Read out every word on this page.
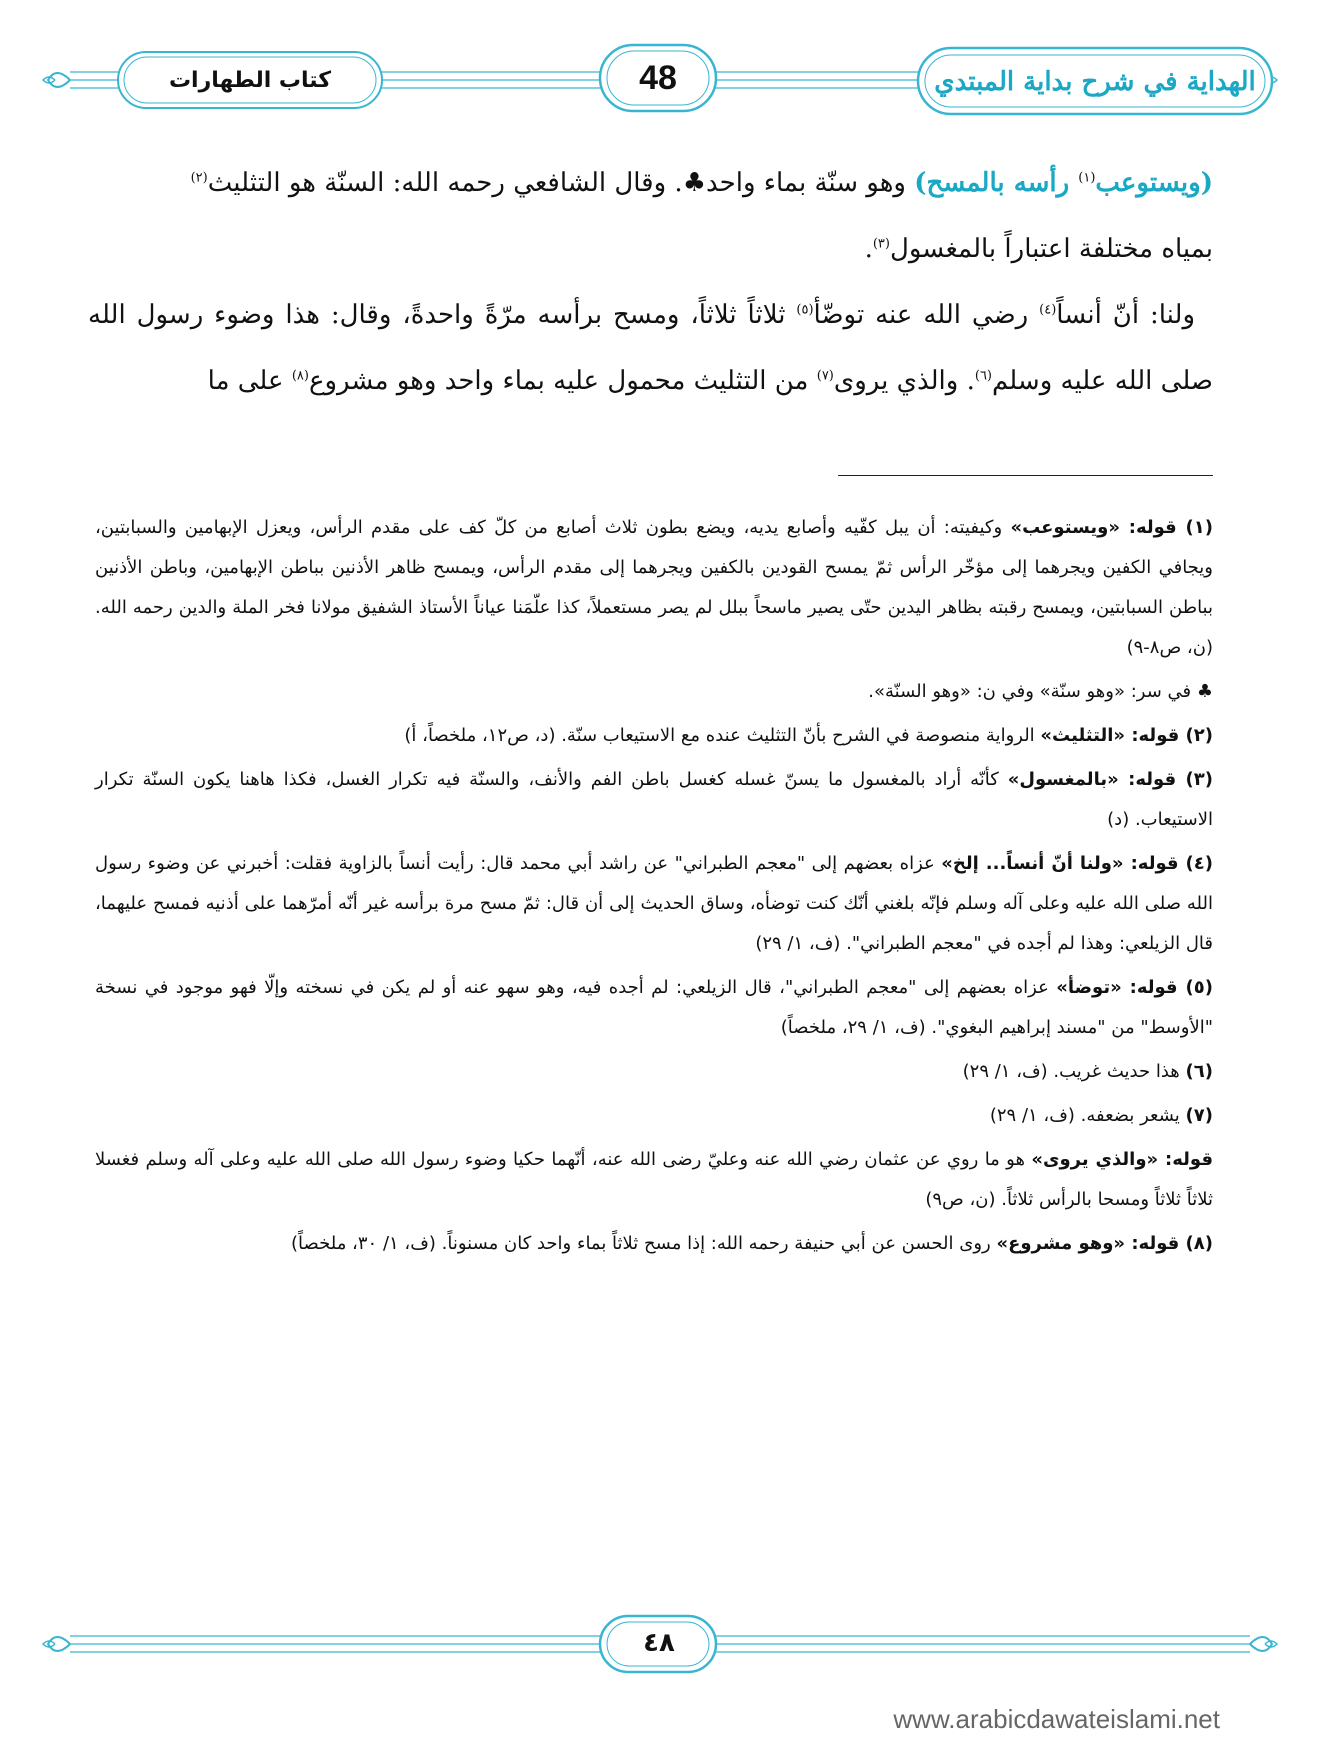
الهداية في شرح بداية المبتدي
48
كتاب الطهارات

(ويستوعب$^{(١)}$ رأسه بالمسح) وهو سنّة بماء واحد♣. وقال الشافعي رحمه الله: السنّة هو التثليث$^{(٢)}$

بمياه مختلفة اعتباراً بالمغسول$^{(٣)}$.

ولنا: أنّ أنساً$^{(٤)}$ رضي الله عنه توضّأ$^{(٥)}$ ثلاثاً ثلاثاً، ومسح برأسه مرّةً واحدةً، وقال: هذا وضوء رسول الله صلى الله عليه وسلم$^{(٦)}$. والذي يروى$^{(٧)}$ من التثليث محمول عليه بماء واحد وهو مشروع$^{(٨)}$ على ما

(١) قوله: «ويستوعب» وكيفيته: أن يبل كفّيه وأصابع يديه، ويضع بطون ثلاث أصابع من كلّ كف على مقدم الرأس، ويعزل الإبهامين والسبابتين، ويجافي الكفين ويجرهما إلى مؤخّر الرأس ثمّ يمسح القودين بالكفين ويجرهما إلى مقدم الرأس، ويمسح ظاهر الأذنين بباطن الإبهامين، وباطن الأذنين بباطن السبابتين، ويمسح رقبته بظاهر اليدين حتّى يصير ماسحاً ببلل لم يصر مستعملاً، كذا علّمَنا عياناً الأستاذ الشفيق مولانا فخر الملة والدين رحمه الله. (ن، ص٨-٩)

♣ في سر: «وهو سنّة» وفي ن: «وهو السنّة».

(٢) قوله: «التثليث» الرواية منصوصة في الشرح بأنّ التثليث عنده مع الاستيعاب سنّة. (د، ص١٢، ملخصاً، أ)

(٣) قوله: «بالمغسول» كأنّه أراد بالمغسول ما يسنّ غسله كغسل باطن الفم والأنف، والسنّة فيه تكرار الغسل، فكذا هاهنا يكون السنّة تكرار الاستيعاب. (د)

(٤) قوله: «ولنا أنّ أنساً... إلخ» عزاه بعضهم إلى "معجم الطبراني" عن راشد أبي محمد قال: رأيت أنساً بالزاوية فقلت: أخبرني عن وضوء رسول الله صلى الله عليه وعلى آله وسلم فإنّه بلغني أنّك كنت توضأه، وساق الحديث إلى أن قال: ثمّ مسح مرة برأسه غير أنّه أمرّهما على أذنيه فمسح عليهما، قال الزيلعي: وهذا لم أجده في "معجم الطبراني". (ف، ١/ ٢٩)

(٥) قوله: «توضأ» عزاه بعضهم إلى "معجم الطبراني"، قال الزيلعي: لم أجده فيه، وهو سهو عنه أو لم يكن في نسخته وإلّا فهو موجود في نسخة "الأوسط" من "مسند إبراهيم البغوي". (ف، ١/ ٢٩، ملخصاً)

(٦) هذا حديث غريب. (ف، ١/ ٢٩)

(٧) يشعر بضعفه. (ف، ١/ ٢٩)

قوله: «والذي يروى» هو ما روي عن عثمان رضي الله عنه وعليّ رضى الله عنه، أنّهما حكيا وضوء رسول الله صلى الله عليه وعلى آله وسلم فغسلا ثلاثاً ثلاثاً ومسحا بالرأس ثلاثاً. (ن، ص٩)

(٨) قوله: «وهو مشروع» روى الحسن عن أبي حنيفة رحمه الله: إذا مسح ثلاثاً بماء واحد كان مسنوناً. (ف، ١/ ٣٠، ملخصاً)

٤٨
www.arabicdawateislami.net
